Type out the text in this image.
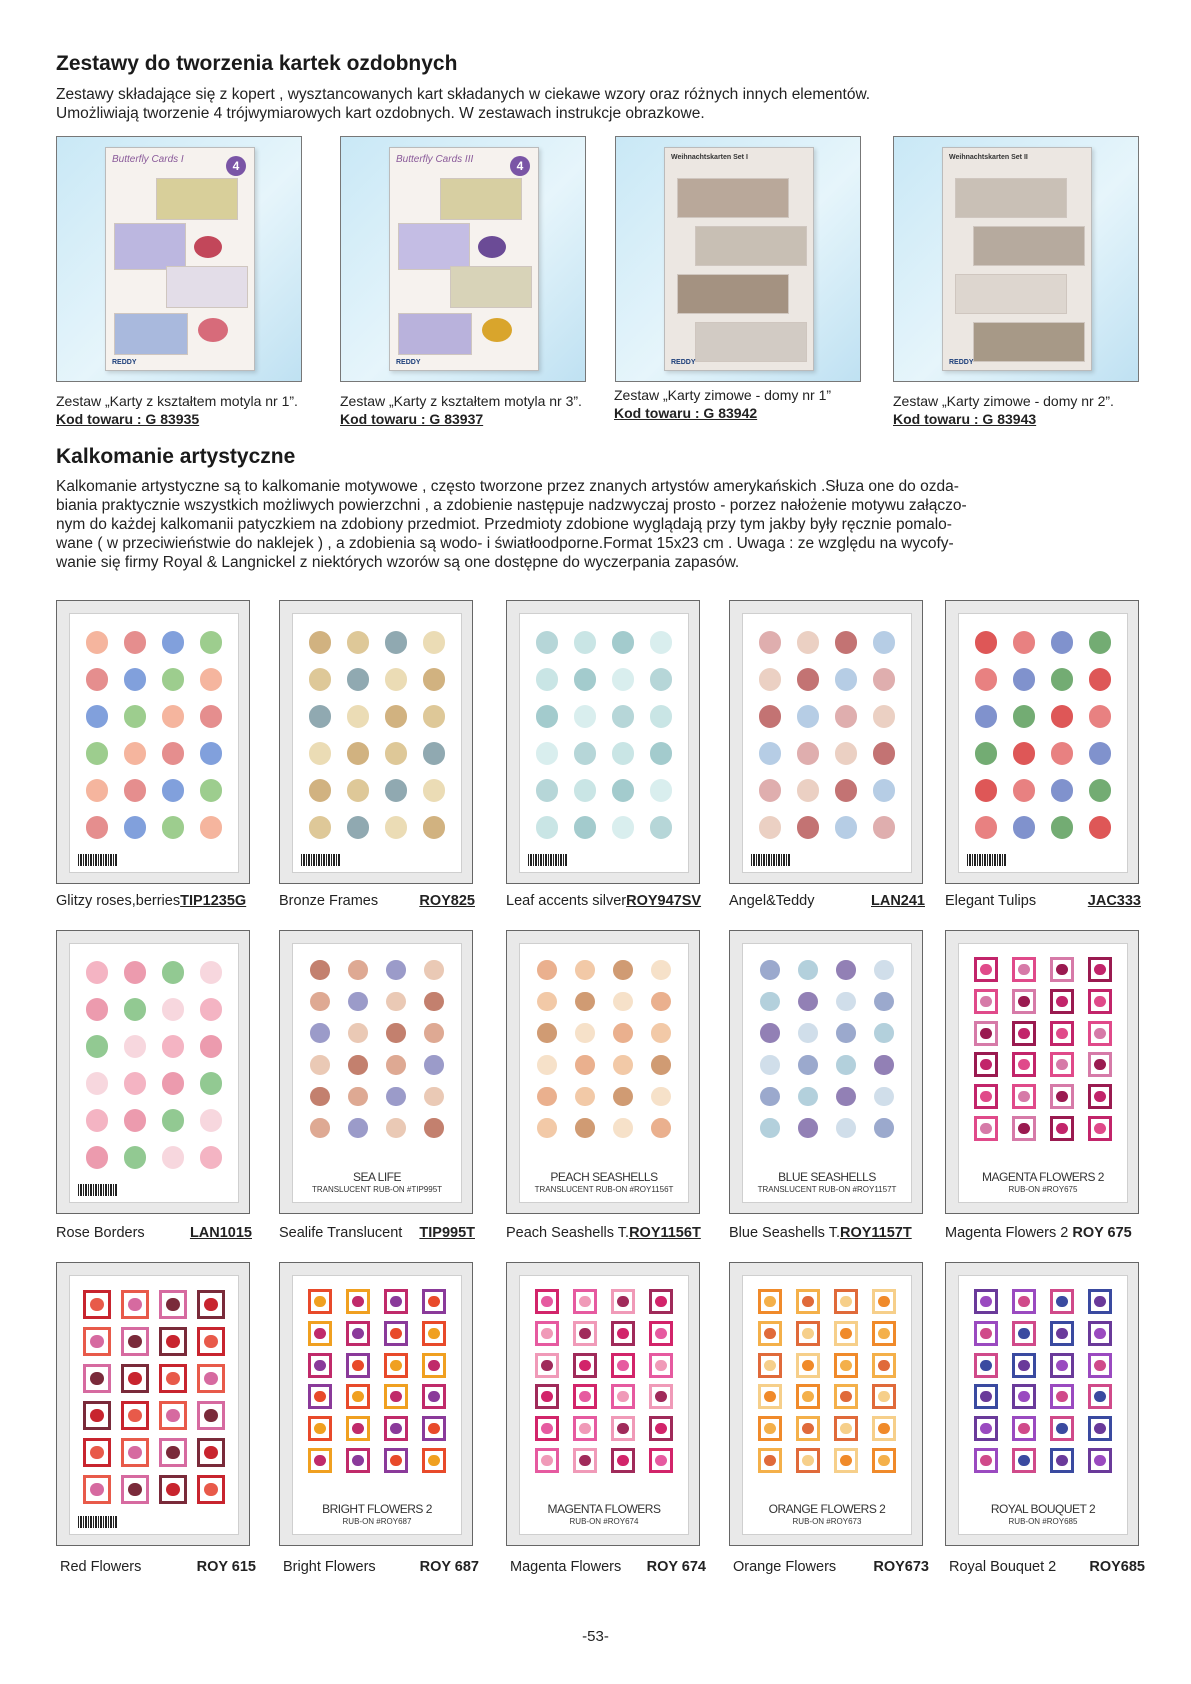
Zestawy do tworzenia kartek ozdobnych
Zestawy składające się z kopert , wysztancowanych kart składanych w ciekawe wzory oraz różnych innych elementów.
Umożliwiają tworzenie 4 trójwymiarowych kart ozdobnych. W zestawach instrukcje obrazkowe.
Butterfly Cards I	4
REDDY
Zestaw „Karty z kształtem motyla nr 1”.
Kod towaru : G 83935
Butterfly Cards III	4
REDDY
Zestaw „Karty z kształtem motyla nr 3”.
Kod towaru : G 83937
Weihnachtskarten Set I
REDDY
Zestaw „Karty zimowe - domy nr 1”
Kod towaru : G 83942
Weihnachtskarten Set II
REDDY
Zestaw „Karty zimowe - domy nr 2”.
Kod towaru : G 83943
Kalkomanie artystyczne
Kalkomanie artystyczne są to kalkomanie motywowe , często tworzone przez znanych artystów amerykańskich .Słuza one do ozda-
biania praktycznie wszystkich możliwych powierzchni , a zdobienie następuje nadzwyczaj prosto - porzez nałożenie motywu załączo-
nym do każdej kalkomanii patyczkiem na zdobiony przedmiot. Przedmioty zdobione wyglądają przy tym jakby były ręcznie pomalo-
wane ( w przeciwieństwie do naklejek ) , a zdobienia są wodo- i światłoodporne.Format 15x23 cm . Uwaga : ze względu na wycofy-
wanie się firmy Royal & Langnickel z niektórych wzorów są one dostępne do wyczerpania zapasów.
Glitzy roses,berriesTIP1235G	Bronze Frames	ROY825 Leaf accents silverROY947SV Angel&Teddy	LAN241 Elegant Tulips	JAC333
Rose Borders	LAN1015
SEA LIFE
TRANSLUCENT RUB-ON #TIP995T
Sealife Translucent TIP995T
PEACH SEASHELLS
TRANSLUCENT RUB-ON #ROY1156T
Peach Seashells T.ROY1156T
BLUE SEASHELLS
TRANSLUCENT RUB-ON #ROY1157T
Blue Seashells T.ROY1157T
MAGENTA FLOWERS 2
RUB-ON #ROY675
Magenta Flowers 2 ROY 675
Red Flowers	ROY 615
BRIGHT FLOWERS 2
RUB-ON #ROY687
Bright Flowers	ROY 687
MAGENTA FLOWERS
RUB-ON #ROY674
Magenta Flowers ROY 674
ORANGE FLOWERS 2
RUB-ON #ROY673
Orange Flowers	ROY673
ROYAL BOUQUET 2
RUB-ON #ROY685
Royal Bouquet 2 ROY685
-53-
